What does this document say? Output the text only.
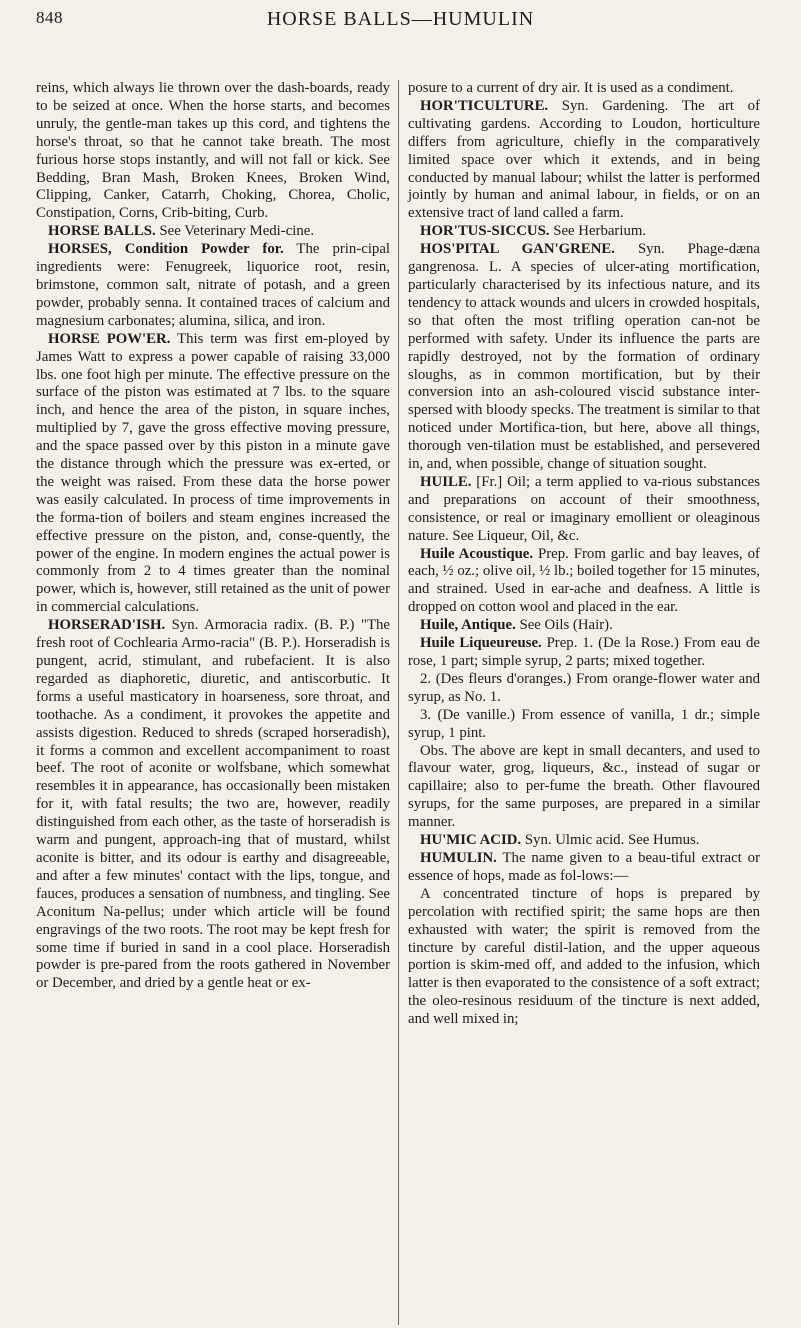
848	HORSE BALLS—HUMULIN

reins, which always lie thrown over the dash-boards, ready to be seized at once. When the horse starts, and becomes unruly, the gentle-man takes up this cord, and tightens the horse's throat, so that he cannot take breath. The most furious horse stops instantly, and will not fall or kick. See Bedding, Bran Mash, Broken Knees, Broken Wind, Clipping, Canker, Catarrh, Choking, Chorea, Cholic, Constipation, Corns, Crib-biting, Curb.

HORSE BALLS. See Veterinary Medi-cine.

HORSES, Condition Powder for. The prin-cipal ingredients were: Fenugreek, liquorice root, resin, brimstone, common salt, nitrate of potash, and a green powder, probably senna. It contained traces of calcium and magnesium carbonates; alumina, silica, and iron.

HORSE POW'ER. This term was first em-ployed by James Watt to express a power capable of raising 33,000 lbs. one foot high per minute. The effective pressure on the surface of the piston was estimated at 7 lbs. to the square inch, and hence the area of the piston, in square inches, multiplied by 7, gave the gross effective moving pressure, and the space passed over by this piston in a minute gave the distance through which the pressure was ex-erted, or the weight was raised. From these data the horse power was easily calculated. In process of time improvements in the forma-tion of boilers and steam engines increased the effective pressure on the piston, and, conse-quently, the power of the engine. In modern engines the actual power is commonly from 2 to 4 times greater than the nominal power, which is, however, still retained as the unit of power in commercial calculations.

HORSERAD'ISH. Syn. Armoracia radix. (B. P.) "The fresh root of Cochlearia Armo-racia" (B. P.). Horseradish is pungent, acrid, stimulant, and rubefacient. It is also regarded as diaphoretic, diuretic, and antiscorbutic. It forms a useful masticatory in hoarseness, sore throat, and toothache. As a condiment, it provokes the appetite and assists digestion. Reduced to shreds (scraped horseradish), it forms a common and excellent accompaniment to roast beef. The root of aconite or wolfsbane, which somewhat resembles it in appearance, has occasionally been mistaken for it, with fatal results; the two are, however, readily distinguished from each other, as the taste of horseradish is warm and pungent, approach-ing that of mustard, whilst aconite is bitter, and its odour is earthy and disagreeable, and after a few minutes' contact with the lips, tongue, and fauces, produces a sensation of numbness, and tingling. See Aconitum Na-pellus; under which article will be found engravings of the two roots. The root may be kept fresh for some time if buried in sand in a cool place. Horseradish powder is pre-pared from the roots gathered in November or December, and dried by a gentle heat or ex-

posure to a current of dry air. It is used as a condiment.

HOR'TICULTURE. Syn. Gardening. The art of cultivating gardens. According to Loudon, horticulture differs from agriculture, chiefly in the comparatively limited space over which it extends, and in being conducted by manual labour; whilst the latter is performed jointly by human and animal labour, in fields, or on an extensive tract of land called a farm.

HOR'TUS-SICCUS. See Herbarium.

HOS'PITAL GAN'GRENE. Syn. Phage-dæna gangrenosa. L. A species of ulcer-ating mortification, particularly characterised by its infectious nature, and its tendency to attack wounds and ulcers in crowded hospitals, so that often the most trifling operation can-not be performed with safety. Under its influence the parts are rapidly destroyed, not by the formation of ordinary sloughs, as in common mortification, but by their conversion into an ash-coloured viscid substance inter-spersed with bloody specks. The treatment is similar to that noticed under Mortifica-tion, but here, above all things, thorough ven-tilation must be established, and persevered in, and, when possible, change of situation sought.

HUILE. [Fr.] Oil; a term applied to va-rious substances and preparations on account of their smoothness, consistence, or real or imaginary emollient or oleaginous nature. See Liqueur, Oil, &c.

Huile Acoustique. Prep. From garlic and bay leaves, of each, ½ oz.; olive oil, ½ lb.; boiled together for 15 minutes, and strained. Used in ear-ache and deafness. A little is dropped on cotton wool and placed in the ear.

Huile, Antique. See Oils (Hair).

Huile Liqueureuse. Prep. 1. (De la Rose.) From eau de rose, 1 part; simple syrup, 2 parts; mixed together.

2. (Des fleurs d'oranges.) From orange-flower water and syrup, as No. 1.

3. (De vanille.) From essence of vanilla, 1 dr.; simple syrup, 1 pint.

Obs. The above are kept in small decanters, and used to flavour water, grog, liqueurs, &c., instead of sugar or capillaire; also to per-fume the breath. Other flavoured syrups, for the same purposes, are prepared in a similar manner.

HU'MIC ACID. Syn. Ulmic acid. See Humus.

HUMULIN. The name given to a beau-tiful extract or essence of hops, made as fol-lows:—

A concentrated tincture of hops is prepared by percolation with rectified spirit; the same hops are then exhausted with water; the spirit is removed from the tincture by careful distil-lation, and the upper aqueous portion is skim-med off, and added to the infusion, which latter is then evaporated to the consistence of a soft extract; the oleo-resinous residuum of the tincture is next added, and well mixed in;
